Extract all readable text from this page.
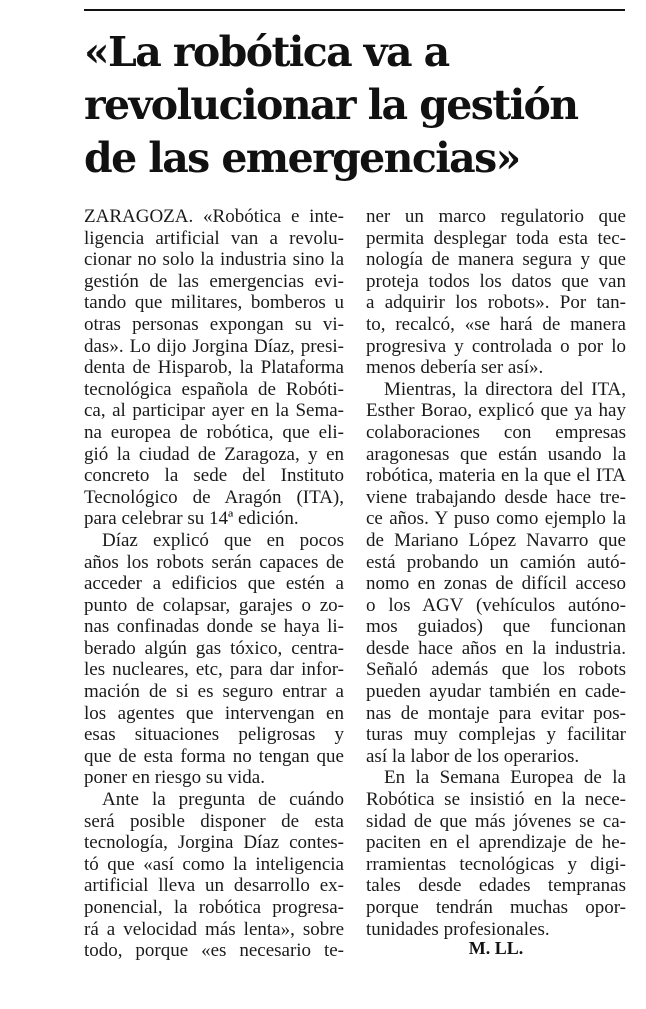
«La robótica va a
revolucionar la gestión
de las emergencias»
ZARAGOZA. «Robótica e inte-
ligencia artificial van a revolu-
cionar no solo la industria sino la
gestión de las emergencias evi-
tando que militares, bomberos u
otras personas expongan su vi-
das». Lo dijo Jorgina Díaz, presi-
denta de Hisparob, la Plataforma
tecnológica española de Robóti-
ca, al participar ayer en la Sema-
na europea de robótica, que eli-
gió la ciudad de Zaragoza, y en
concreto la sede del Instituto
Tecnológico de Aragón (ITA),
para celebrar su 14ª edición.
Díaz explicó que en pocos
años los robots serán capaces de
acceder a edificios que estén a
punto de colapsar, garajes o zo-
nas confinadas donde se haya li-
berado algún gas tóxico, centra-
les nucleares, etc, para dar infor-
mación de si es seguro entrar a
los agentes que intervengan en
esas situaciones peligrosas y
que de esta forma no tengan que
poner en riesgo su vida.
Ante la pregunta de cuándo
será posible disponer de esta
tecnología, Jorgina Díaz contes-
tó que «así como la inteligencia
artificial lleva un desarrollo ex-
ponencial, la robótica progresa-
rá a velocidad más lenta», sobre
todo, porque «es necesario te-
ner un marco regulatorio que
permita desplegar toda esta tec-
nología de manera segura y que
proteja todos los datos que van
a adquirir los robots». Por tan-
to, recalcó, «se hará de manera
progresiva y controlada o por lo
menos debería ser así».
Mientras, la directora del ITA,
Esther Borao, explicó que ya hay
colaboraciones con empresas
aragonesas que están usando la
robótica, materia en la que el ITA
viene trabajando desde hace tre-
ce años. Y puso como ejemplo la
de Mariano López Navarro que
está probando un camión autó-
nomo en zonas de difícil acceso
o los AGV (vehículos autóno-
mos guiados) que funcionan
desde hace años en la industria.
Señaló además que los robots
pueden ayudar también en cade-
nas de montaje para evitar pos-
turas muy complejas y facilitar
así la labor de los operarios.
En la Semana Europea de la
Robótica se insistió en la nece-
sidad de que más jóvenes se ca-
paciten en el aprendizaje de he-
rramientas tecnológicas y digi-
tales desde edades tempranas
porque tendrán muchas opor-
tunidades profesionales.
M. LL.
